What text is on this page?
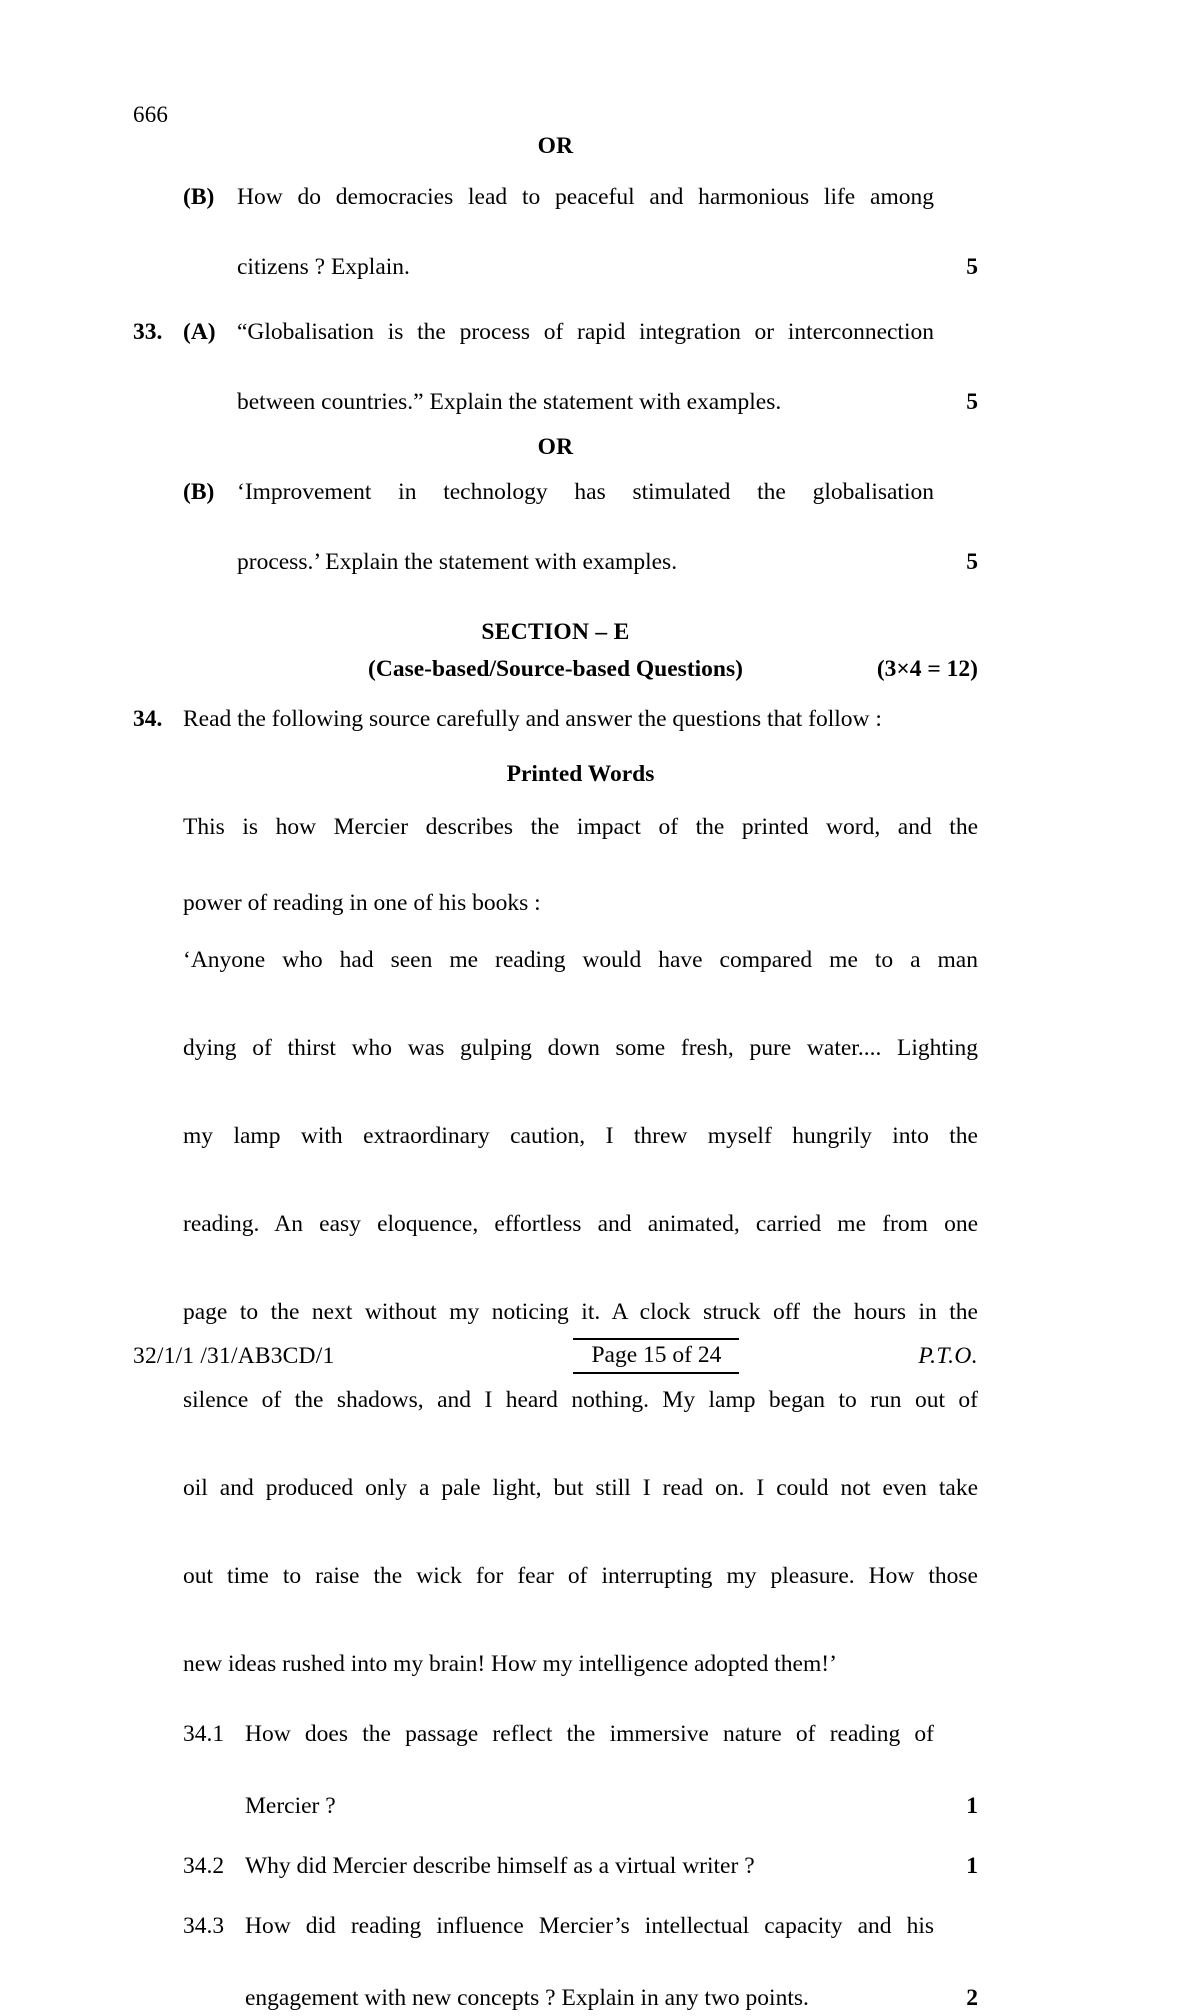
666
OR
(B) How do democracies lead to peaceful and harmonious life among

citizens ? Explain.	5
33. (A) “Globalisation is the process of rapid integration or interconnection

between countries.” Explain the statement with examples.	5
OR
(B) ‘Improvement in technology has stimulated the globalisation

process.’ Explain the statement with examples.	5
SECTION – E
(Case-based/Source-based Questions)	(3×4 = 12)
34. Read the following source carefully and answer the questions that follow :
Printed Words

This is how Mercier describes the impact of the printed word, and the

power of reading in one of his books :

‘Anyone who had seen me reading would have compared me to a man

dying of thirst who was gulping down some fresh, pure water.... Lighting

my lamp with extraordinary caution, I threw myself hungrily into the

reading. An easy eloquence, effortless and animated, carried me from one

page to the next without my noticing it. A clock struck off the hours in the

silence of the shadows, and I heard nothing. My lamp began to run out of

oil and produced only a pale light, but still I read on. I could not even take

out time to raise the wick for fear of interrupting my pleasure. How those

new ideas rushed into my brain! How my intelligence adopted them!’

34.1 How does the passage reflect the immersive nature of reading of

Mercier ?	1
34.2 Why did Mercier describe himself as a virtual writer ?	1
34.3 How did reading influence Mercier’s intellectual capacity and his

engagement with new concepts ? Explain in any two points.	2
32/1/1 /31/AB3CD/1	Page 15 of 24	P.T.O.
